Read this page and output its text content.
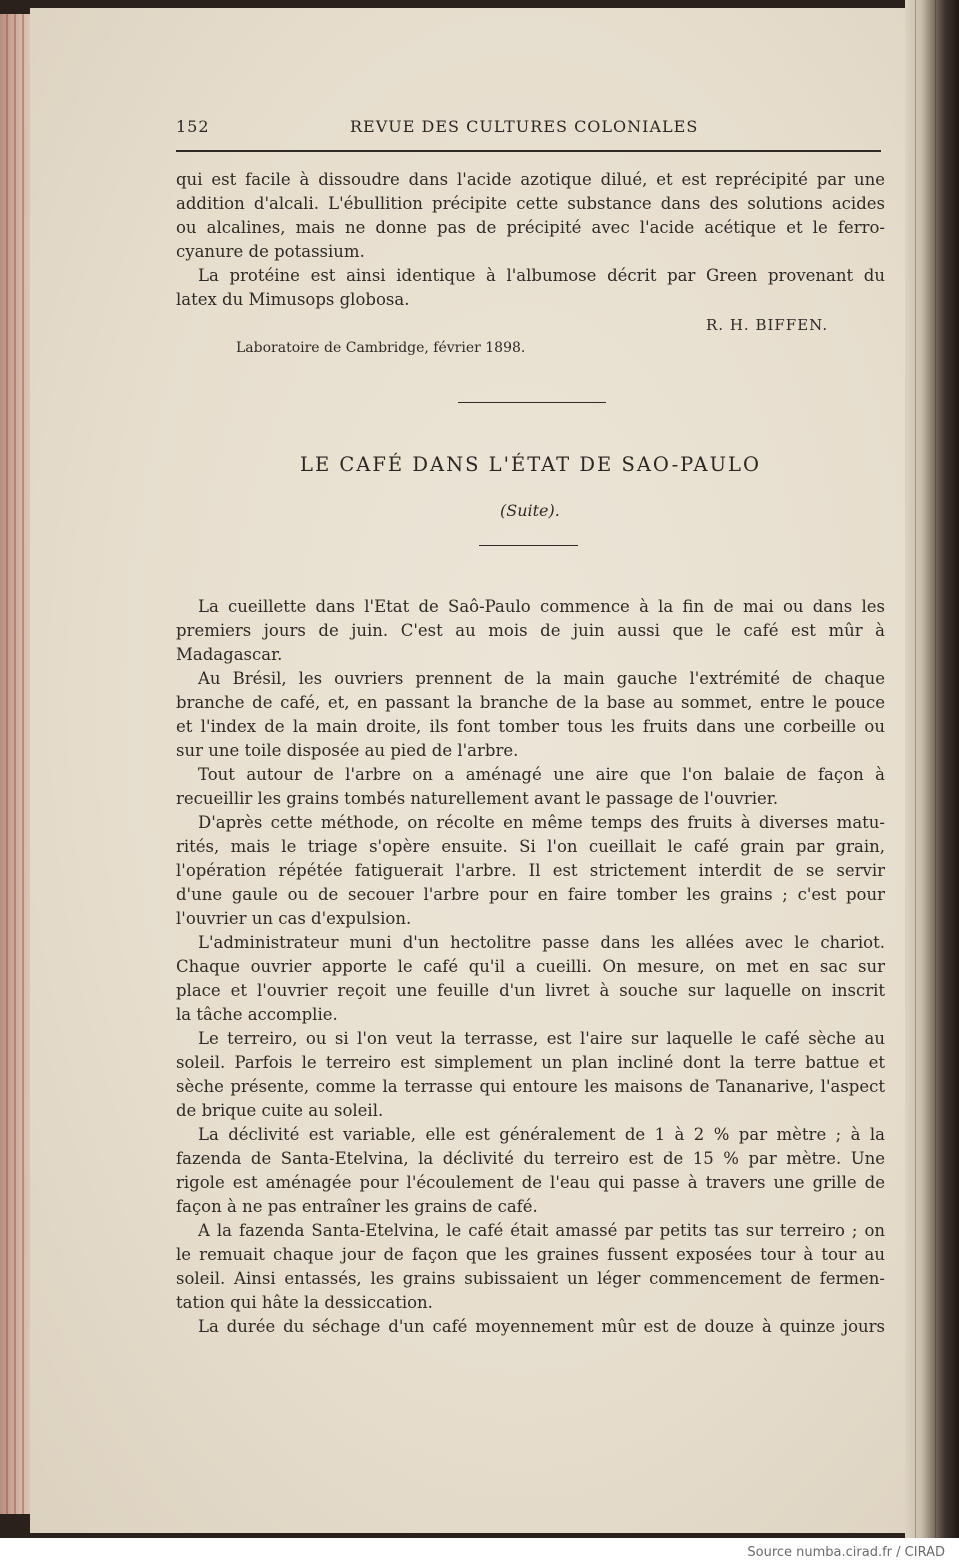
152	REVUE DES CULTURES COLONIALES
qui est facile à dissoudre dans l'acide azotique dilué, et est reprécipité par une
addition d'alcali. L'ébullition précipite cette substance dans des solutions acides
ou alcalines, mais ne donne pas de précipité avec l'acide acétique et le ferro-
cyanure de potassium.
La protéine est ainsi identique à l'albumose décrit par Green provenant du
latex du Mimusops globosa.
R. H. BIFFEN.
Laboratoire de Cambridge, février 1898.
LE CAFÉ DANS L'ÉTAT DE SAO-PAULO
(Suite).
La cueillette dans l'Etat de Saô-Paulo commence à la fin de mai ou dans les
premiers jours de juin. C'est au mois de juin aussi que le café est mûr à
Madagascar.
Au Brésil, les ouvriers prennent de la main gauche l'extrémité de chaque
branche de café, et, en passant la branche de la base au sommet, entre le pouce
et l'index de la main droite, ils font tomber tous les fruits dans une corbeille ou
sur une toile disposée au pied de l'arbre.
Tout autour de l'arbre on a aménagé une aire que l'on balaie de façon à
recueillir les grains tombés naturellement avant le passage de l'ouvrier.
D'après cette méthode, on récolte en même temps des fruits à diverses matu-
rités, mais le triage s'opère ensuite. Si l'on cueillait le café grain par grain,
l'opération répétée fatiguerait l'arbre. Il est strictement interdit de se servir
d'une gaule ou de secouer l'arbre pour en faire tomber les grains ; c'est pour
l'ouvrier un cas d'expulsion.
L'administrateur muni d'un hectolitre passe dans les allées avec le chariot.
Chaque ouvrier apporte le café qu'il a cueilli. On mesure, on met en sac sur
place et l'ouvrier reçoit une feuille d'un livret à souche sur laquelle on inscrit
la tâche accomplie.
Le terreiro, ou si l'on veut la terrasse, est l'aire sur laquelle le café sèche au
soleil. Parfois le terreiro est simplement un plan incliné dont la terre battue et
sèche présente, comme la terrasse qui entoure les maisons de Tananarive, l'aspect
de brique cuite au soleil.
La déclivité est variable, elle est généralement de 1 à 2 % par mètre ; à la
fazenda de Santa-Etelvina, la déclivité du terreiro est de 15 % par mètre. Une
rigole est aménagée pour l'écoulement de l'eau qui passe à travers une grille de
façon à ne pas entraîner les grains de café.
A la fazenda Santa-Etelvina, le café était amassé par petits tas sur terreiro ; on
le remuait chaque jour de façon que les graines fussent exposées tour à tour au
soleil. Ainsi entassés, les grains subissaient un léger commencement de fermen-
tation qui hâte la dessiccation.
La durée du séchage d'un café moyennement mûr est de douze à quinze jours
Source numba.cirad.fr / CIRAD
